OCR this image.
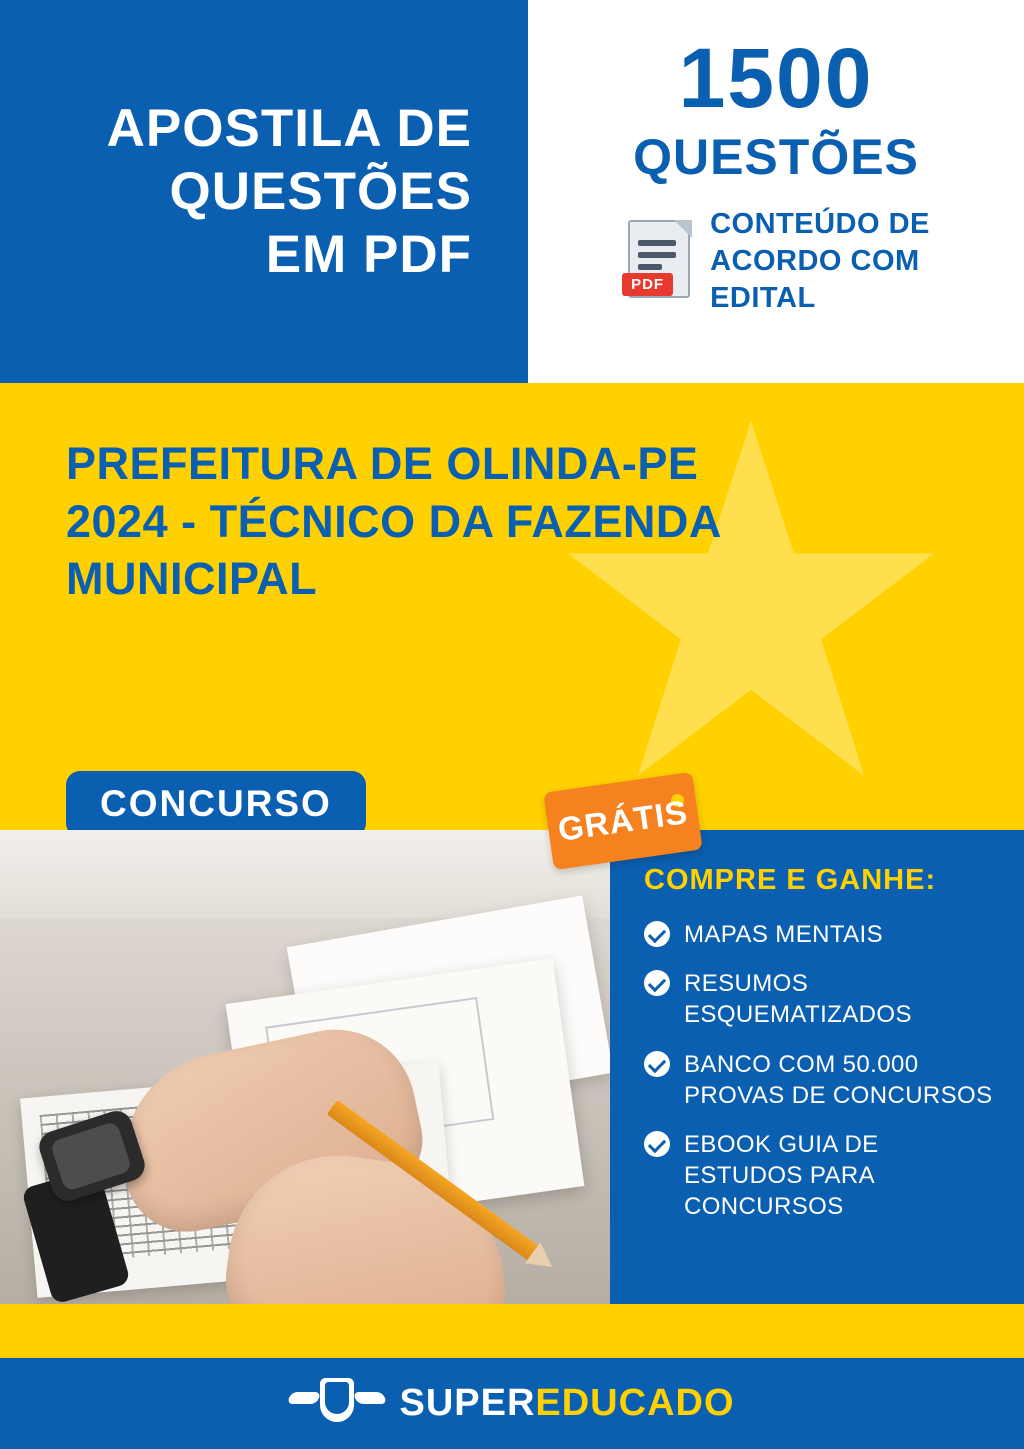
APOSTILA DE
QUESTÕES
EM PDF
1500
QUESTÕES
PDF
CONTEÚDO DE
ACORDO COM
EDITAL
PREFEITURA DE OLINDA-PE 2024 - TÉCNICO DA FAZENDA MUNICIPAL
CONCURSO	GRÁTIS
COMPRE E GANHE:
MAPAS MENTAIS
RESUMOS ESQUEMATIZADOS
BANCO COM 50.000 PROVAS DE CONCURSOS
EBOOK GUIA DE ESTUDOS PARA CONCURSOS
SUPEREDUCADO
